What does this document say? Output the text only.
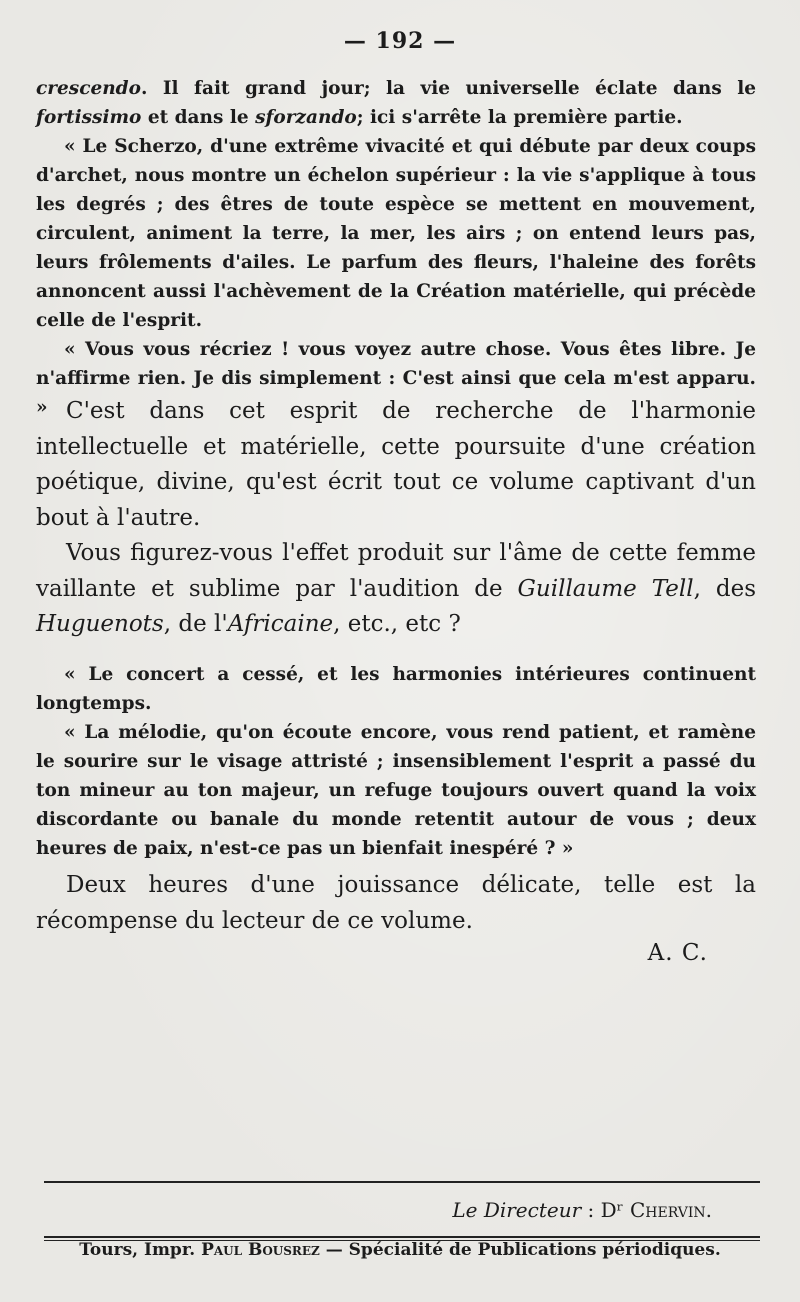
— 192 —

crescendo. Il fait grand jour; la vie universelle éclate dans le fortissimo et dans le sforzando; ici s'arrête la première partie.

« Le Scherzo, d'une extrême vivacité et qui débute par deux coups d'archet, nous montre un échelon supérieur : la vie s'applique à tous les degrés ; des êtres de toute espèce se mettent en mouvement, circulent, animent la terre, la mer, les airs ; on entend leurs pas, leurs frôlements d'ailes. Le parfum des fleurs, l'haleine des forêts annoncent aussi l'achèvement de la Création matérielle, qui précède celle de l'esprit.

« Vous vous récriez ! vous voyez autre chose. Vous êtes libre. Je n'affirme rien. Je dis simplement : C'est ainsi que cela m'est apparu. » C'est dans cet esprit de recherche de l'harmonie intellectuelle et matérielle, cette poursuite d'une création poétique, divine, qu'est écrit tout ce volume captivant d'un bout à l'autre.

Vous figurez-vous l'effet produit sur l'âme de cette femme vaillante et sublime par l'audition de Guillaume Tell, des Huguenots, de l'Africaine, etc., etc ?

« Le concert a cessé, et les harmonies intérieures continuent longtemps.

« La mélodie, qu'on écoute encore, vous rend patient, et ramène le sourire sur le visage attristé ; insensiblement l'esprit a passé du ton mineur au ton majeur, un refuge toujours ouvert quand la voix discordante ou banale du monde retentit autour de vous ; deux heures de paix, n'est-ce pas un bienfait inespéré ? »

Deux heures d'une jouissance délicate, telle est la récompense du lecteur de ce volume.

A. C.
Le Directeur : Dʳ Chervin.
Tours, Impr. Paul Bousrez — Spécialité de Publications périodiques.
